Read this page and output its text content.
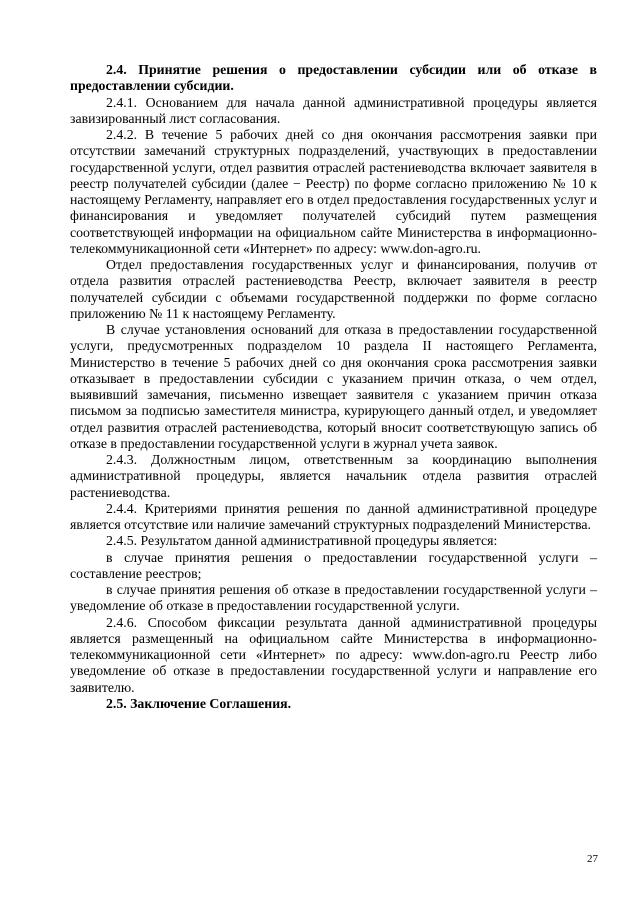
2.4. Принятие решения о предоставлении субсидии или об отказе в предоставлении субсидии.

2.4.1. Основанием для начала данной административной процедуры является завизированный лист согласования.

2.4.2. В течение 5 рабочих дней со дня окончания рассмотрения заявки при отсутствии замечаний структурных подразделений, участвующих в предоставлении государственной услуги, отдел развития отраслей растениеводства включает заявителя в реестр получателей субсидии (далее − Реестр) по форме согласно приложению № 10 к настоящему Регламенту, направляет его в отдел предоставления государственных услуг и финансирования и уведомляет получателей субсидий путем размещения соответствующей информации на официальном сайте Министерства в информационно-телекоммуникационной сети «Интернет» по адресу: www.don-agro.ru.

Отдел предоставления государственных услуг и финансирования, получив от отдела развития отраслей растениеводства Реестр, включает заявителя в реестр получателей субсидии с объемами государственной поддержки по форме согласно приложению № 11 к настоящему Регламенту.

В случае установления оснований для отказа в предоставлении государственной услуги, предусмотренных подразделом 10 раздела II настоящего Регламента, Министерство в течение 5 рабочих дней со дня окончания срока рассмотрения заявки отказывает в предоставлении субсидии с указанием причин отказа, о чем отдел, выявивший замечания, письменно извещает заявителя с указанием причин отказа письмом за подписью заместителя министра, курирующего данный отдел, и уведомляет отдел развития отраслей растениеводства, который вносит соответствующую запись об отказе в предоставлении государственной услуги в журнал учета заявок.

2.4.3. Должностным лицом, ответственным за координацию выполнения административной процедуры, является начальник отдела развития отраслей растениеводства.

2.4.4. Критериями принятия решения по данной административной процедуре является отсутствие или наличие замечаний структурных подразделений Министерства.

2.4.5. Результатом данной административной процедуры является:

в случае принятия решения о предоставлении государственной услуги – составление реестров;

в случае принятия решения об отказе в предоставлении государственной услуги – уведомление об отказе в предоставлении государственной услуги.

2.4.6. Способом фиксации результата данной административной процедуры является размещенный на официальном сайте Министерства в информационно-телекоммуникационной сети «Интернет» по адресу: www.don-agro.ru Реестр либо уведомление об отказе в предоставлении государственной услуги и направление его заявителю.

2.5. Заключение Соглашения.

27
